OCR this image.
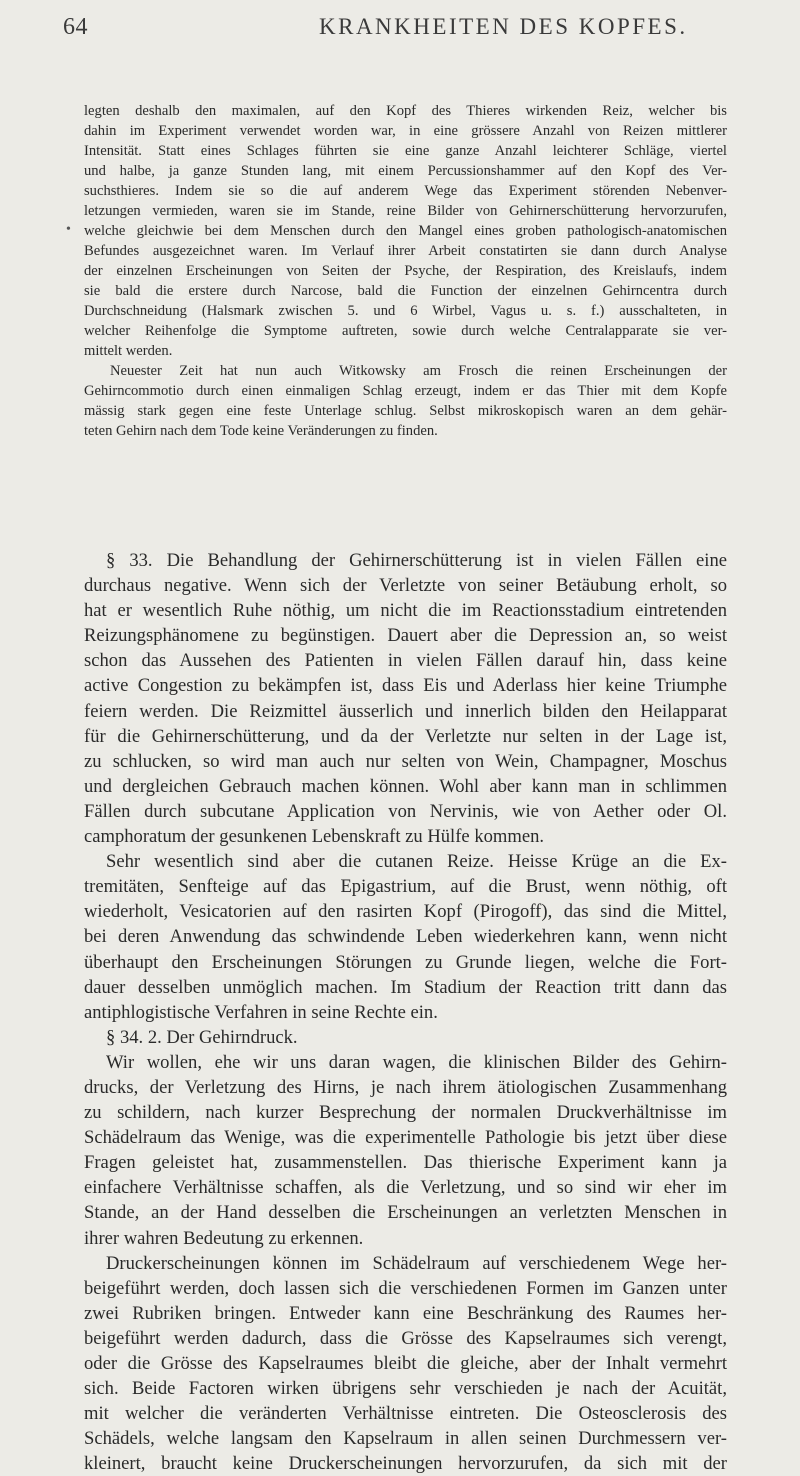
64	KRANKHEITEN DES KOPFES.
•
legten deshalb den maximalen, auf den Kopf des Thieres wirkenden Reiz, welcher bis
dahin im Experiment verwendet worden war, in eine grössere Anzahl von Reizen mittlerer
Intensität. Statt eines Schlages führten sie eine ganze Anzahl leichterer Schläge, viertel
und halbe, ja ganze Stunden lang, mit einem Percussionshammer auf den Kopf des Ver-
suchsthieres. Indem sie so die auf anderem Wege das Experiment störenden Nebenver-
letzungen vermieden, waren sie im Stande, reine Bilder von Gehirnerschütterung hervorzurufen,
welche gleichwie bei dem Menschen durch den Mangel eines groben pathologisch-anatomischen
Befundes ausgezeichnet waren. Im Verlauf ihrer Arbeit constatirten sie dann durch Analyse
der einzelnen Erscheinungen von Seiten der Psyche, der Respiration, des Kreislaufs, indem
sie bald die erstere durch Narcose, bald die Function der einzelnen Gehirncentra durch
Durchschneidung (Halsmark zwischen 5. und 6 Wirbel, Vagus u. s. f.) ausschalteten, in
welcher Reihenfolge die Symptome auftreten, sowie durch welche Centralapparate sie ver-
mittelt werden.
Neuester Zeit hat nun auch Witkowsky am Frosch die reinen Erscheinungen der
Gehirncommotio durch einen einmaligen Schlag erzeugt, indem er das Thier mit dem Kopfe
mässig stark gegen eine feste Unterlage schlug. Selbst mikroskopisch waren an dem gehär-
teten Gehirn nach dem Tode keine Veränderungen zu finden.
§ 33. Die Behandlung der Gehirnerschütterung ist in vielen Fällen eine
durchaus negative. Wenn sich der Verletzte von seiner Betäubung erholt, so
hat er wesentlich Ruhe nöthig, um nicht die im Reactionsstadium eintretenden
Reizungsphänomene zu begünstigen. Dauert aber die Depression an, so weist
schon das Aussehen des Patienten in vielen Fällen darauf hin, dass keine
active Congestion zu bekämpfen ist, dass Eis und Aderlass hier keine Triumphe
feiern werden. Die Reizmittel äusserlich und innerlich bilden den Heilapparat
für die Gehirnerschütterung, und da der Verletzte nur selten in der Lage ist,
zu schlucken, so wird man auch nur selten von Wein, Champagner, Moschus
und dergleichen Gebrauch machen können. Wohl aber kann man in schlimmen
Fällen durch subcutane Application von Nervinis, wie von Aether oder Ol.
camphoratum der gesunkenen Lebenskraft zu Hülfe kommen.
Sehr wesentlich sind aber die cutanen Reize. Heisse Krüge an die Ex-
tremitäten, Senfteige auf das Epigastrium, auf die Brust, wenn nöthig, oft
wiederholt, Vesicatorien auf den rasirten Kopf (Pirogoff), das sind die Mittel,
bei deren Anwendung das schwindende Leben wiederkehren kann, wenn nicht
überhaupt den Erscheinungen Störungen zu Grunde liegen, welche die Fort-
dauer desselben unmöglich machen. Im Stadium der Reaction tritt dann das
antiphlogistische Verfahren in seine Rechte ein.
§ 34. 2. Der Gehirndruck.
Wir wollen, ehe wir uns daran wagen, die klinischen Bilder des Gehirn-
drucks, der Verletzung des Hirns, je nach ihrem ätiologischen Zusammenhang
zu schildern, nach kurzer Besprechung der normalen Druckverhältnisse im
Schädelraum das Wenige, was die experimentelle Pathologie bis jetzt über diese
Fragen geleistet hat, zusammenstellen. Das thierische Experiment kann ja
einfachere Verhältnisse schaffen, als die Verletzung, und so sind wir eher im
Stande, an der Hand desselben die Erscheinungen an verletzten Menschen in
ihrer wahren Bedeutung zu erkennen.
Druckerscheinungen können im Schädelraum auf verschiedenem Wege her-
beigeführt werden, doch lassen sich die verschiedenen Formen im Ganzen unter
zwei Rubriken bringen. Entweder kann eine Beschränkung des Raumes her-
beigeführt werden dadurch, dass die Grösse des Kapselraumes sich verengt,
oder die Grösse des Kapselraumes bleibt die gleiche, aber der Inhalt vermehrt
sich. Beide Factoren wirken übrigens sehr verschieden je nach der Acuität,
mit welcher die veränderten Verhältnisse eintreten. Die Osteosclerosis des
Schädels, welche langsam den Kapselraum in allen seinen Durchmessern ver-
kleinert, braucht keine Druckerscheinungen hervorzurufen, da sich mit der
